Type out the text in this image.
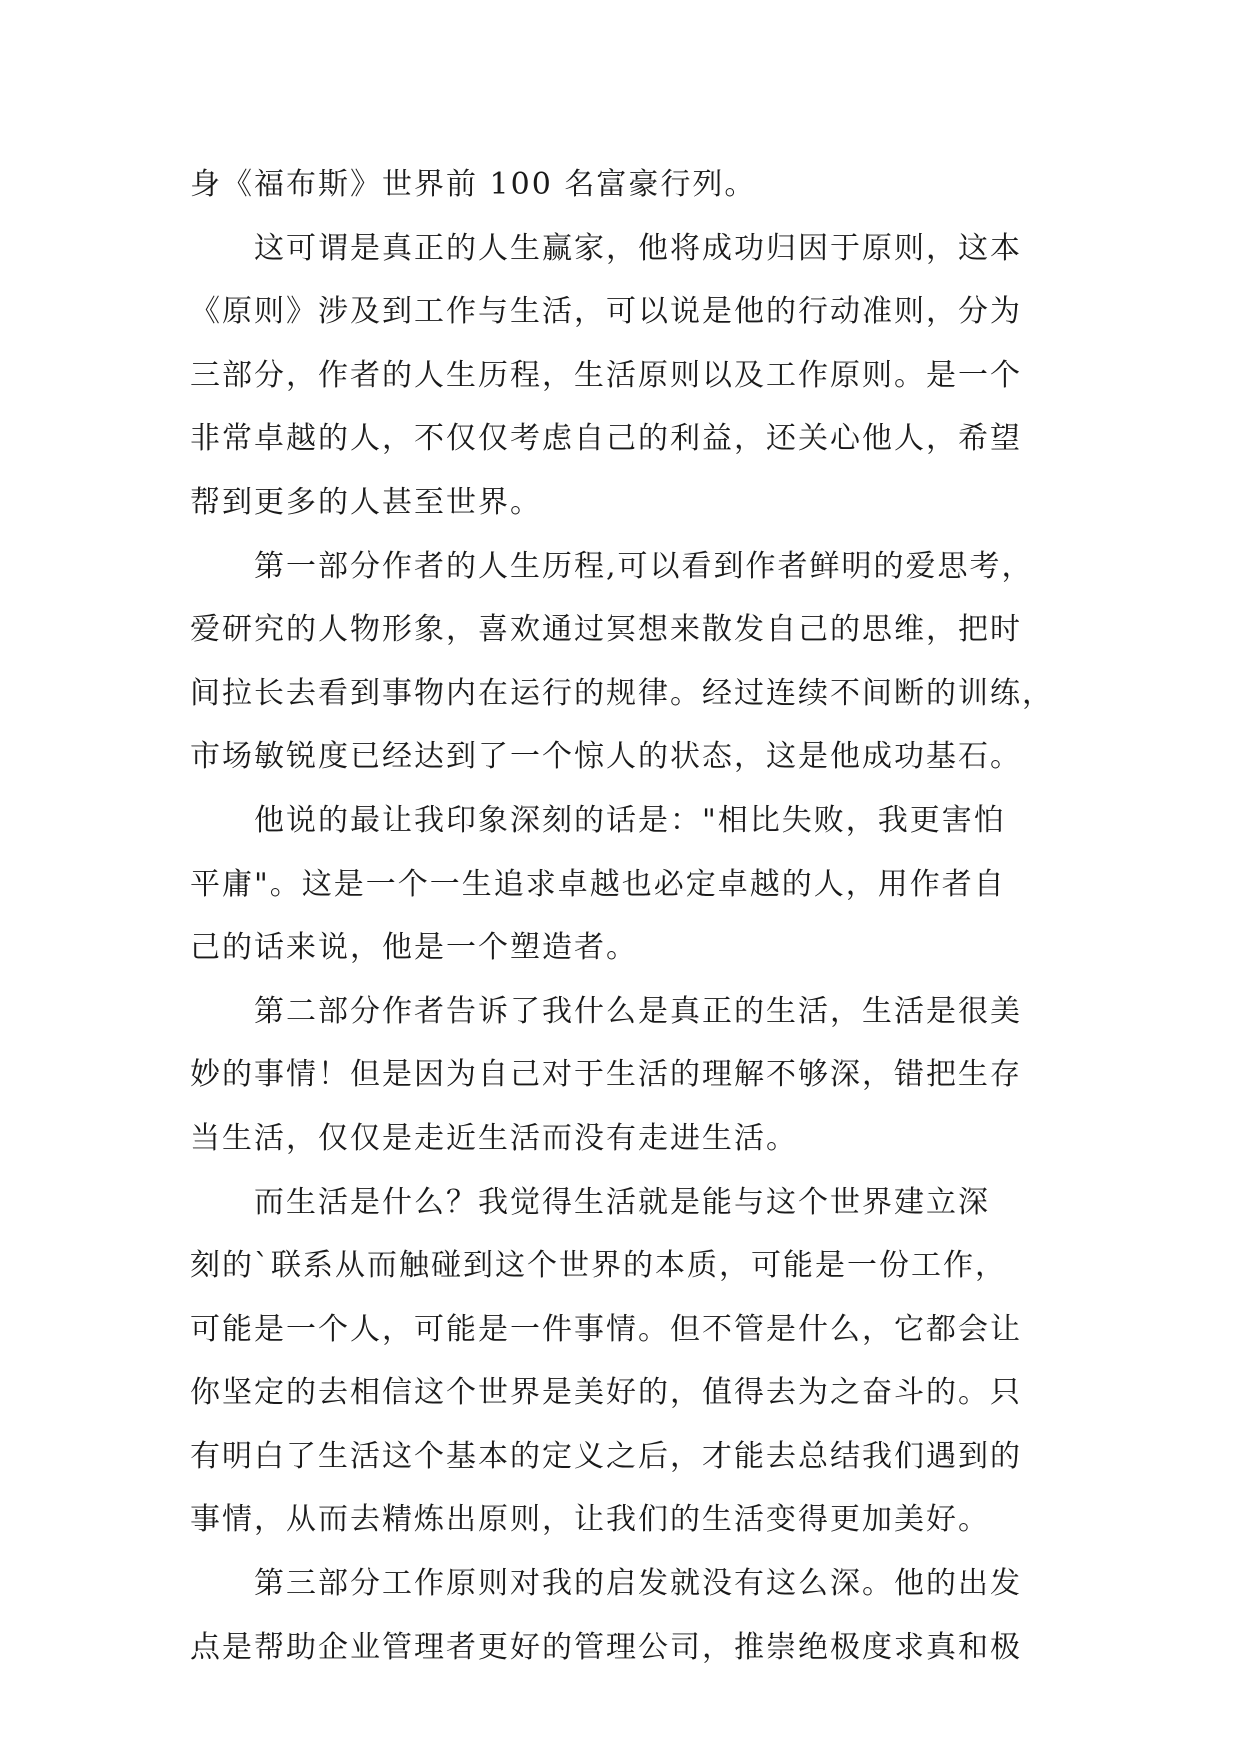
身《福布斯》世界前 100 名富豪行列。
这可谓是真正的人生赢家，他将成功归因于原则，这本
《原则》涉及到工作与生活，可以说是他的行动准则，分为
三部分，作者的人生历程，生活原则以及工作原则。是一个
非常卓越的人，不仅仅考虑自己的利益，还关心他人，希望
帮到更多的人甚至世界。
第一部分作者的人生历程,可以看到作者鲜明的爱思考，
爱研究的人物形象，喜欢通过冥想来散发自己的思维，把时
间拉长去看到事物内在运行的规律。经过连续不间断的训练，
市场敏锐度已经达到了一个惊人的状态，这是他成功基石。
他说的最让我印象深刻的话是："相比失败，我更害怕
平庸"。这是一个一生追求卓越也必定卓越的人，用作者自
己的话来说，他是一个塑造者。
第二部分作者告诉了我什么是真正的生活，生活是很美
妙的事情！但是因为自己对于生活的理解不够深，错把生存
当生活，仅仅是走近生活而没有走进生活。
而生活是什么？我觉得生活就是能与这个世界建立深
刻的`联系从而触碰到这个世界的本质，可能是一份工作，
可能是一个人，可能是一件事情。但不管是什么，它都会让
你坚定的去相信这个世界是美好的，值得去为之奋斗的。只
有明白了生活这个基本的定义之后，才能去总结我们遇到的
事情，从而去精炼出原则，让我们的生活变得更加美好。
第三部分工作原则对我的启发就没有这么深。他的出发
点是帮助企业管理者更好的管理公司，推崇绝极度求真和极
